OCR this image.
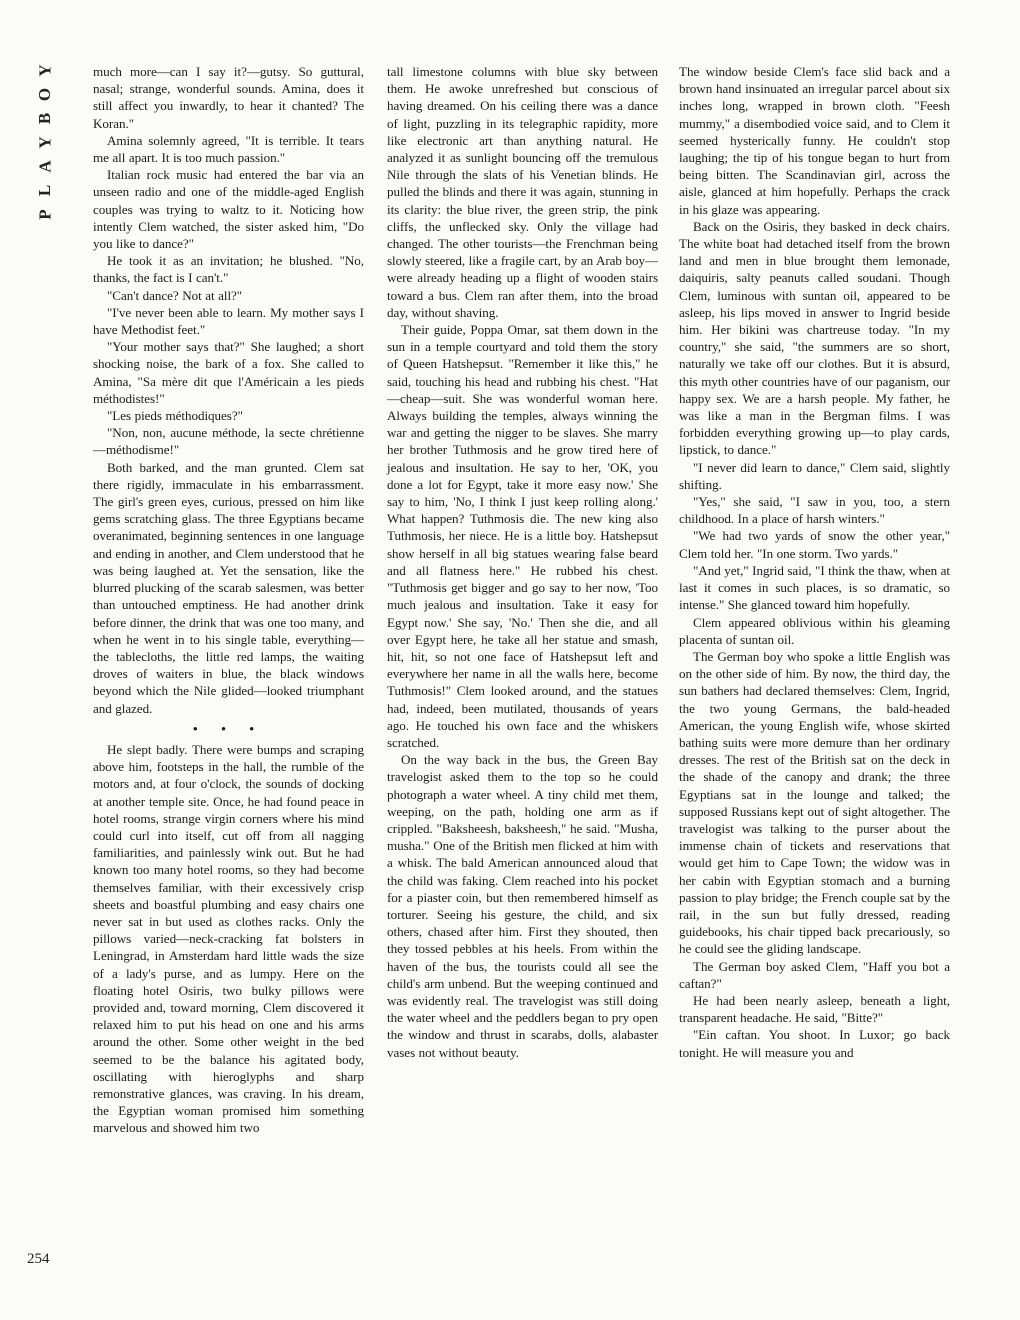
Y
O
B
Y
A
L
P

much more—can I say it?—gutsy. So guttural, nasal; strange, wonderful sounds. Amina, does it still affect you inwardly, to hear it chanted? The Koran."

Amina solemnly agreed, "It is terrible. It tears me all apart. It is too much passion."

Italian rock music had entered the bar via an unseen radio and one of the middle-aged English couples was trying to waltz to it. Noticing how intently Clem watched, the sister asked him, "Do you like to dance?"

He took it as an invitation; he blushed. "No, thanks, the fact is I can't."

"Can't dance? Not at all?"

"I've never been able to learn. My mother says I have Methodist feet."

"Your mother says that?" She laughed; a short shocking noise, the bark of a fox. She called to Amina, "Sa mère dit que l'Américain a les pieds méthodistes!"

"Les pieds méthodiques?"

"Non, non, aucune méthode, la secte chrétienne—méthodisme!"

Both barked, and the man grunted. Clem sat there rigidly, immaculate in his embarrassment. The girl's green eyes, curious, pressed on him like gems scratching glass. The three Egyptians became overanimated, beginning sentences in one language and ending in another, and Clem understood that he was being laughed at. Yet the sensation, like the blurred plucking of the scarab salesmen, was better than untouched emptiness. He had another drink before dinner, the drink that was one too many, and when he went in to his single table, everything—the tablecloths, the little red lamps, the waiting droves of waiters in blue, the black windows beyond which the Nile glided—looked triumphant and glazed.

• • •

He slept badly. There were bumps and scraping above him, footsteps in the hall, the rumble of the motors and, at four o'clock, the sounds of docking at another temple site. Once, he had found peace in hotel rooms, strange virgin corners where his mind could curl into itself, cut off from all nagging familiarities, and painlessly wink out. But he had known too many hotel rooms, so they had become themselves familiar, with their excessively crisp sheets and boastful plumbing and easy chairs one never sat in but used as clothes racks. Only the pillows varied—neck-cracking fat bolsters in Leningrad, in Amsterdam hard little wads the size of a lady's purse, and as lumpy. Here on the floating hotel Osiris, two bulky pillows were provided and, toward morning, Clem discovered it relaxed him to put his head on one and his arms around the other. Some other weight in the bed seemed to be the balance his agitated body, oscillating with hieroglyphs and sharp remonstrative glances, was craving. In his dream, the Egyptian woman promised him something marvelous and showed him two

tall limestone columns with blue sky between them. He awoke unrefreshed but conscious of having dreamed. On his ceiling there was a dance of light, puzzling in its telegraphic rapidity, more like electronic art than anything natural. He analyzed it as sunlight bouncing off the tremulous Nile through the slats of his Venetian blinds. He pulled the blinds and there it was again, stunning in its clarity: the blue river, the green strip, the pink cliffs, the unflecked sky. Only the village had changed. The other tourists—the Frenchman being slowly steered, like a fragile cart, by an Arab boy—were already heading up a flight of wooden stairs toward a bus. Clem ran after them, into the broad day, without shaving.

Their guide, Poppa Omar, sat them down in the sun in a temple courtyard and told them the story of Queen Hatshepsut. "Remember it like this," he said, touching his head and rubbing his chest. "Hat—cheap—suit. She was wonderful woman here. Always building the temples, always winning the war and getting the nigger to be slaves. She marry her brother Tuthmosis and he grow tired here of jealous and insultation. He say to her, 'OK, you done a lot for Egypt, take it more easy now.' She say to him, 'No, I think I just keep rolling along.' What happen? Tuthmosis die. The new king also Tuthmosis, her niece. He is a little boy. Hatshepsut show herself in all big statues wearing false beard and all flatness here." He rubbed his chest. "Tuthmosis get bigger and go say to her now, 'Too much jealous and insultation. Take it easy for Egypt now.' She say, 'No.' Then she die, and all over Egypt here, he take all her statue and smash, hit, hit, so not one face of Hatshepsut left and everywhere her name in all the walls here, become Tuthmosis!" Clem looked around, and the statues had, indeed, been mutilated, thousands of years ago. He touched his own face and the whiskers scratched.

On the way back in the bus, the Green Bay travelogist asked them to the top so he could photograph a water wheel. A tiny child met them, weeping, on the path, holding one arm as if crippled. "Baksheesh, baksheesh," he said. "Musha, musha." One of the British men flicked at him with a whisk. The bald American announced aloud that the child was faking. Clem reached into his pocket for a piaster coin, but then remembered himself as torturer. Seeing his gesture, the child, and six others, chased after him. First they shouted, then they tossed pebbles at his heels. From within the haven of the bus, the tourists could all see the child's arm unbend. But the weeping continued and was evidently real. The travelogist was still doing the water wheel and the peddlers began to pry open the window and thrust in scarabs, dolls, alabaster vases not without beauty.

The window beside Clem's face slid back and a brown hand insinuated an irregular parcel about six inches long, wrapped in brown cloth. "Feesh mummy," a disembodied voice said, and to Clem it seemed hysterically funny. He couldn't stop laughing; the tip of his tongue began to hurt from being bitten. The Scandinavian girl, across the aisle, glanced at him hopefully. Perhaps the crack in his glaze was appearing.

Back on the Osiris, they basked in deck chairs. The white boat had detached itself from the brown land and men in blue brought them lemonade, daiquiris, salty peanuts called soudani. Though Clem, luminous with suntan oil, appeared to be asleep, his lips moved in answer to Ingrid beside him. Her bikini was chartreuse today. "In my country," she said, "the summers are so short, naturally we take off our clothes. But it is absurd, this myth other countries have of our paganism, our happy sex. We are a harsh people. My father, he was like a man in the Bergman films. I was forbidden everything growing up—to play cards, lipstick, to dance."

"I never did learn to dance," Clem said, slightly shifting.

"Yes," she said, "I saw in you, too, a stern childhood. In a place of harsh winters."

"We had two yards of snow the other year," Clem told her. "In one storm. Two yards."

"And yet," Ingrid said, "I think the thaw, when at last it comes in such places, is so dramatic, so intense." She glanced toward him hopefully.

Clem appeared oblivious within his gleaming placenta of suntan oil.

The German boy who spoke a little English was on the other side of him. By now, the third day, the sun bathers had declared themselves: Clem, Ingrid, the two young Germans, the bald-headed American, the young English wife, whose skirted bathing suits were more demure than her ordinary dresses. The rest of the British sat on the deck in the shade of the canopy and drank; the three Egyptians sat in the lounge and talked; the supposed Russians kept out of sight altogether. The travelogist was talking to the purser about the immense chain of tickets and reservations that would get him to Cape Town; the widow was in her cabin with Egyptian stomach and a burning passion to play bridge; the French couple sat by the rail, in the sun but fully dressed, reading guidebooks, his chair tipped back precariously, so he could see the gliding landscape.

The German boy asked Clem, "Haff you bot a caftan?"

He had been nearly asleep, beneath a light, transparent headache. He said, "Bitte?"

"Ein caftan. You shoot. In Luxor; go back tonight. He will measure you and

254
